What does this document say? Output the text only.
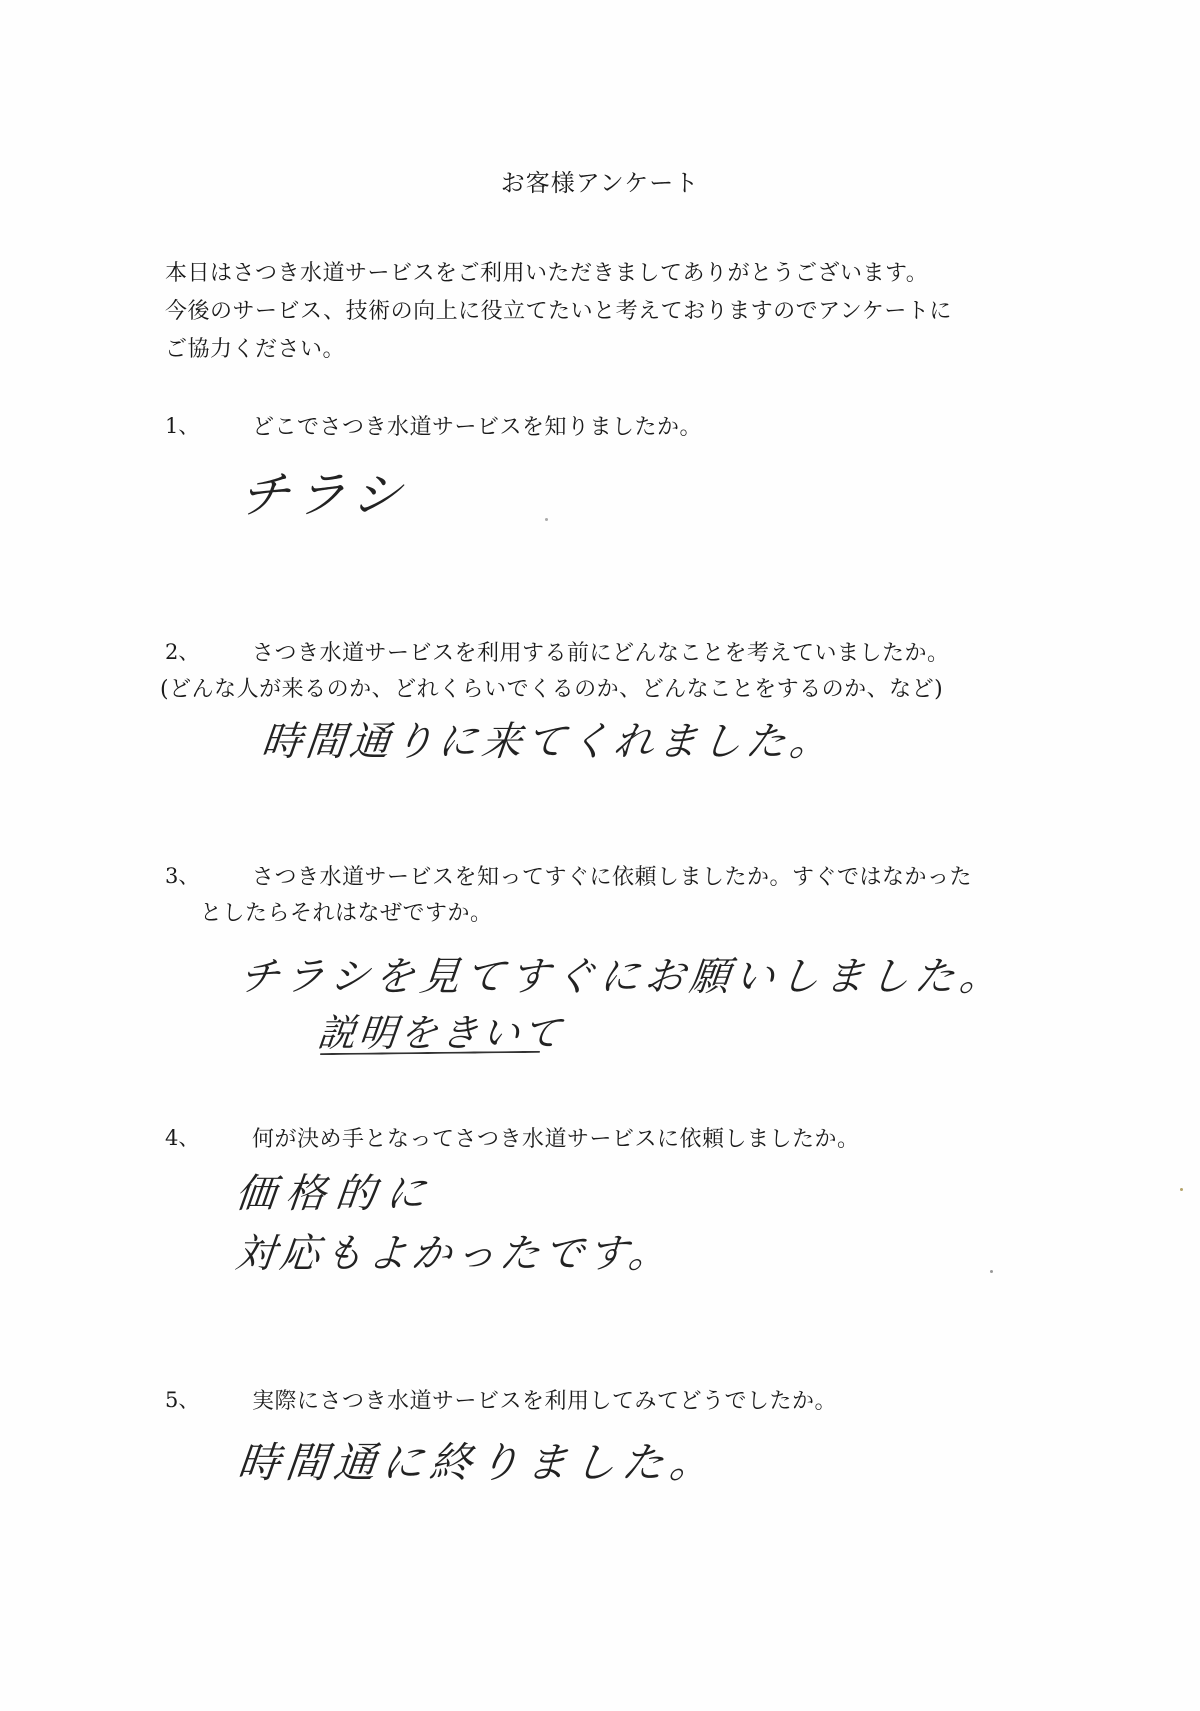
お客様アンケート
本日はさつき水道サービスをご利用いただきましてありがとうございます。
今後のサービス、技術の向上に役立てたいと考えておりますのでアンケートに
ご協力ください。
1、 どこでさつき水道サービスを知りましたか。
チラシ
2、 さつき水道サービスを利用する前にどんなことを考えていましたか。
(どんな人が来るのか、どれくらいでくるのか、どんなことをするのか、など)
時間通りに来てくれました。
3、 さつき水道サービスを知ってすぐに依頼しましたか。すぐではなかった
としたらそれはなぜですか。
チラシを見てすぐにお願いしました。
説明をきいて
4、 何が決め手となってさつき水道サービスに依頼しましたか。
価格的に
対応もよかったです。
5、 実際にさつき水道サービスを利用してみてどうでしたか。
時間通に終りました。
